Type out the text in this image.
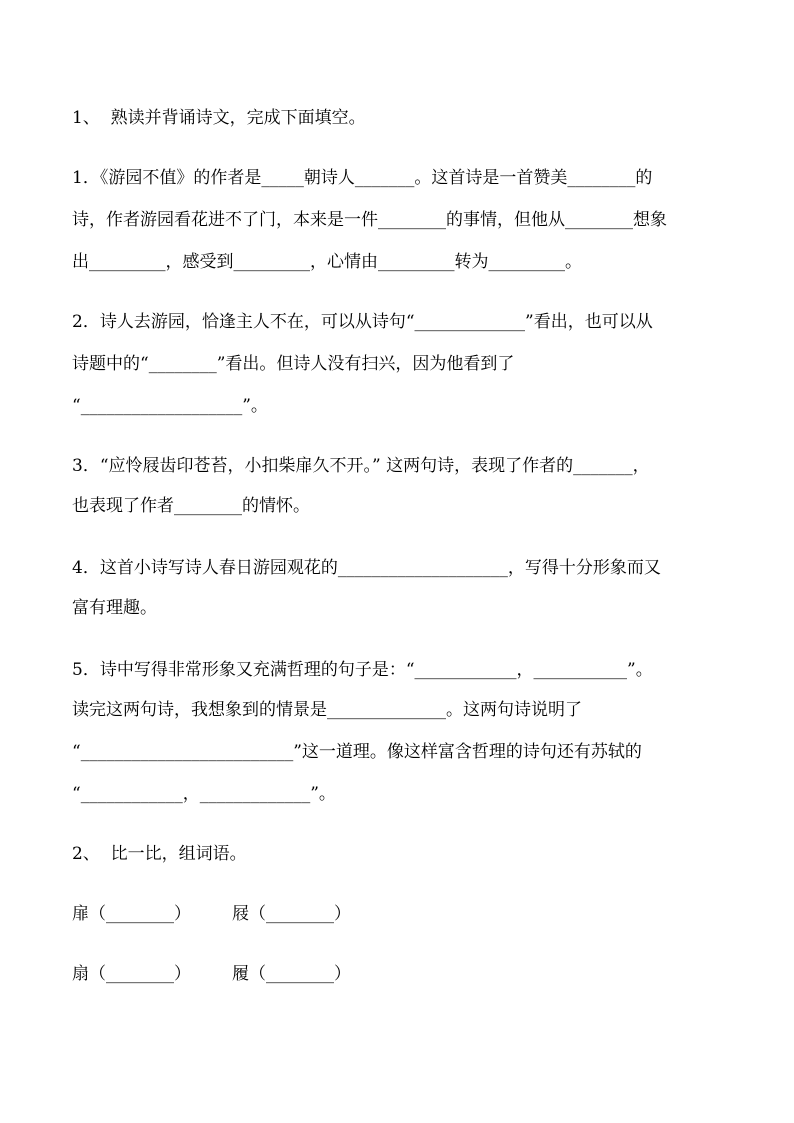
1、  熟读并背诵诗文，完成下面填空。
1．《游园不值》的作者是_____朝诗人_______。这首诗是一首赞美________的
诗，作者游园看花进不了门，本来是一件________的事情，但他从________想象
出_________，感受到_________，心情由_________转为_________。
2．诗人去游园，恰逢主人不在，可以从诗句“_____________”看出，也可以从
诗题中的“________”看出。但诗人没有扫兴，因为他看到了
“___________________”。
3．“应怜屐齿印苍苔，小扣柴扉久不开。” 这两句诗，表现了作者的_______，
也表现了作者________的情怀。
4．这首小诗写诗人春日游园观花的____________________，写得十分形象而又
富有理趣。
5．诗中写得非常形象又充满哲理的句子是：“____________，___________”。
读完这两句诗，我想象到的情景是______________。这两句诗说明了
“_________________________”这一道理。像这样富含哲理的诗句还有苏轼的
“____________，_____________”。
2、  比一比，组词语。
扉（________） 屐（________）
扇（________） 履（________）
